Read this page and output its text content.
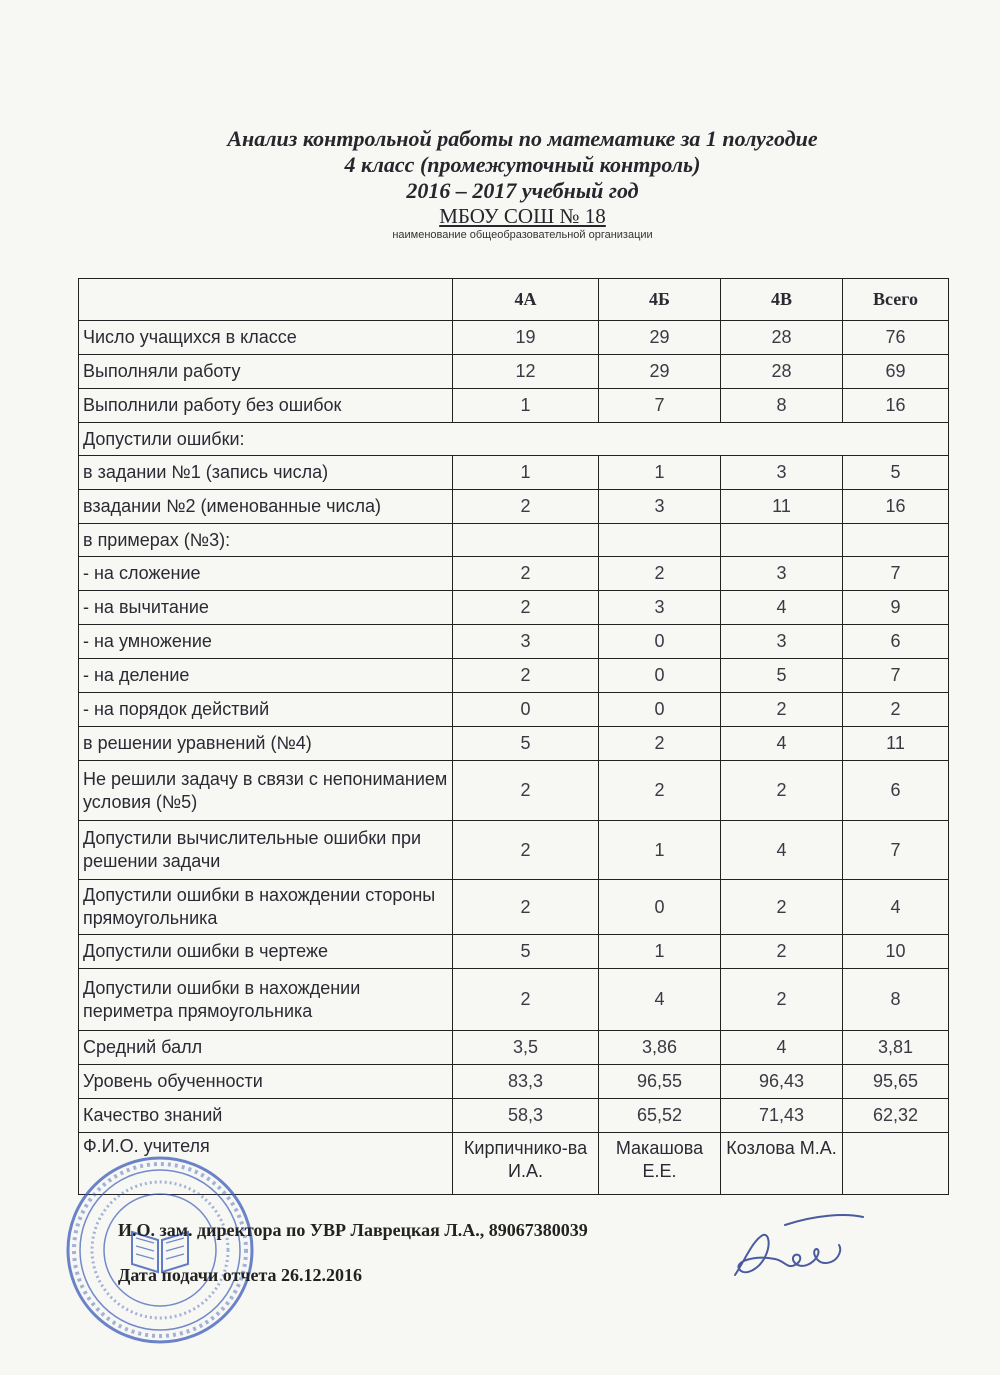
Анализ контрольной работы по математике за 1 полугодие
4 класс (промежуточный контроль)
2016 – 2017 учебный год
МБОУ СОШ № 18
наименование общеобразовательной организации
	4А	4Б	4В	Всего
Число учащихся в классе	19	29	28	76
Выполняли работу	12	29	28	69
Выполнили работу без ошибок	1	7	8	16
Допустили ошибки:				
в задании №1 (запись числа)	1	1	3	5
взадании №2 (именованные числа)	2	3	11	16
в примерах (№3):				
- на сложение	2	2	3	7
- на вычитание	2	3	4	9
- на умножение	3	0	3	6
- на деление	2	0	5	7
- на порядок действий	0	0	2	2
в решении уравнений (№4)	5	2	4	11
Не решили задачу в связи с непониманием условия (№5)	2	2	2	6
Допустили вычислительные ошибки при решении задачи	2	1	4	7
Допустили ошибки в нахождении стороны прямоугольника	2	0	2	4
Допустили ошибки в чертеже	5	1	2	10
Допустили ошибки в нахождении периметра прямоугольника	2	4	2	8
Средний балл	3,5	3,86	4	3,81
Уровень обученности	83,3	96,55	96,43	95,65
Качество знаний	58,3	65,52	71,43	62,32
Ф.И.О. учителя	Кирпичнико-ва И.А.	Макашова Е.Е.	Козлова М.А.	
И.О. зам. директора по УВР Лаврецкая Л.А., 89067380039
Дата подачи отчета 26.12.2016
